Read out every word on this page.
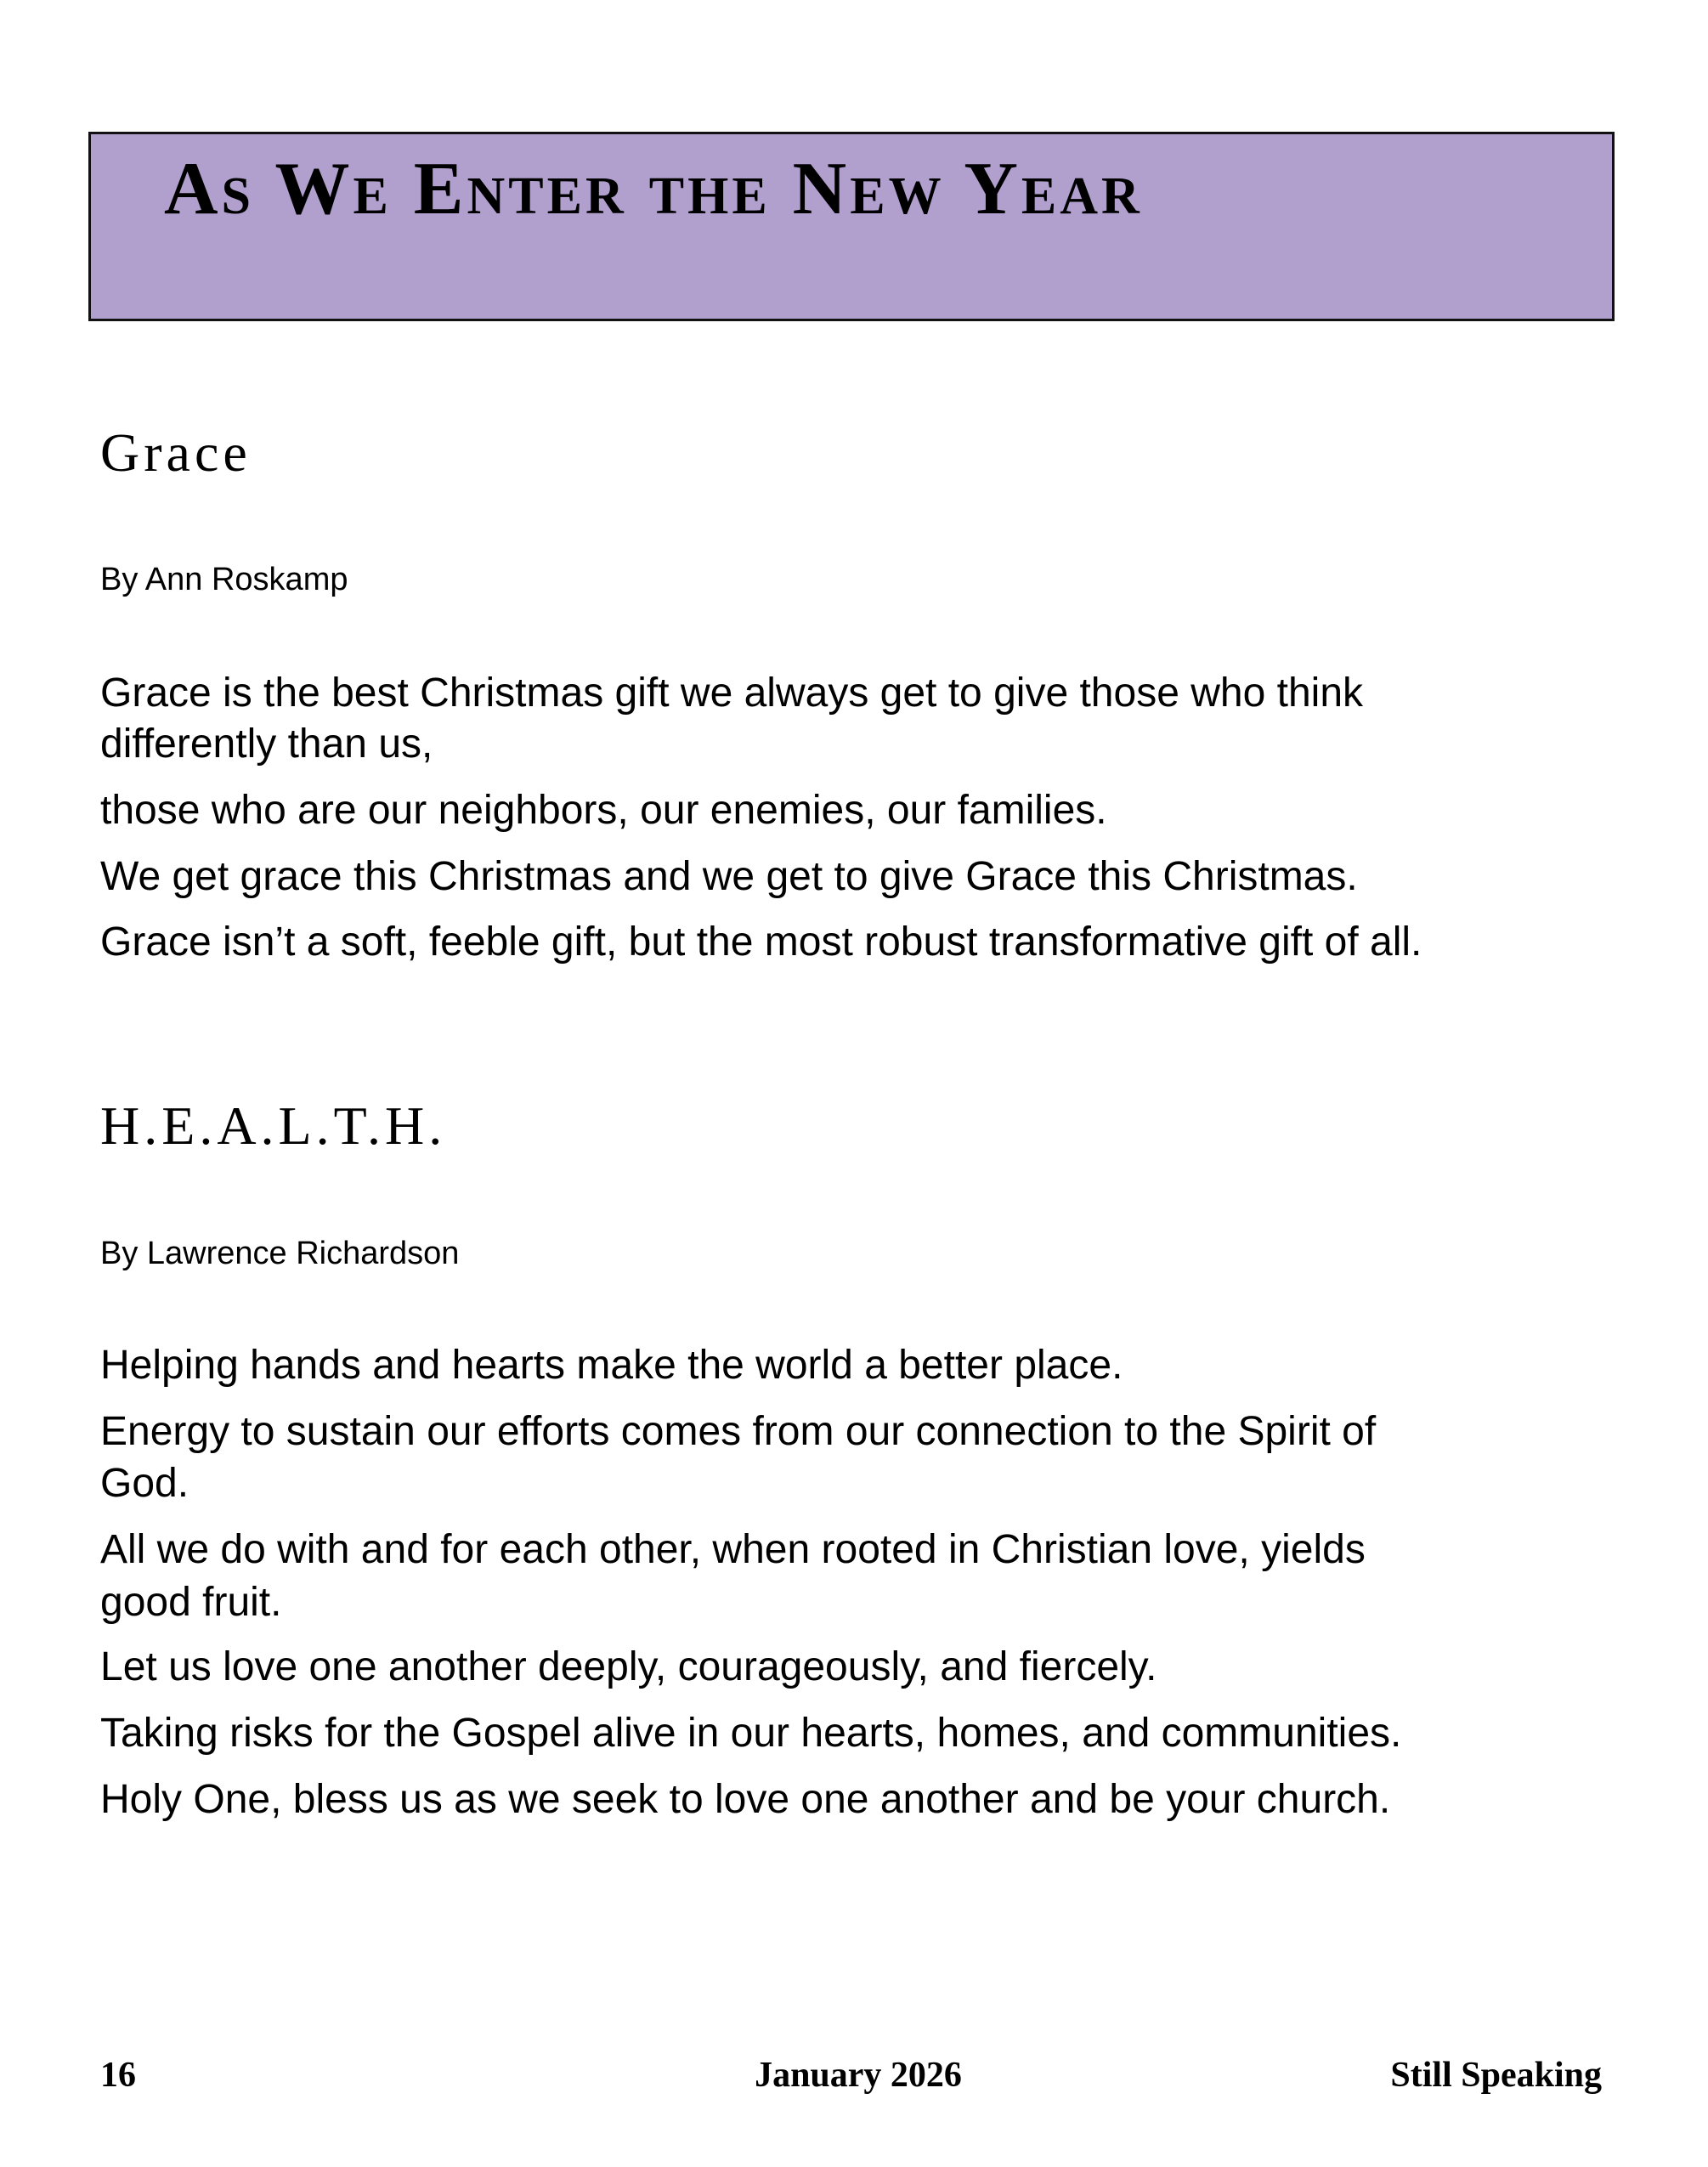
As We Enter the New Year
Grace

By Ann Roskamp

Grace is the best Christmas gift we always get to give those who think

differently than us,

those who are our neighbors, our enemies, our families.

We get grace this Christmas and we get to give Grace this Christmas.

Grace isn’t a soft, feeble gift, but the most robust transformative gift of all.

H.E.A.L.T.H.

By Lawrence Richardson

Helping hands and hearts make the world a better place.

Energy to sustain our efforts comes from our connection to the Spirit of

God.

All we do with and for each other, when rooted in Christian love, yields

good fruit.

Let us love one another deeply, courageously, and fiercely.

Taking risks for the Gospel alive in our hearts, homes, and communities.

Holy One, bless us as we seek to love one another and be your church.

16	January 2026	Still Speaking
